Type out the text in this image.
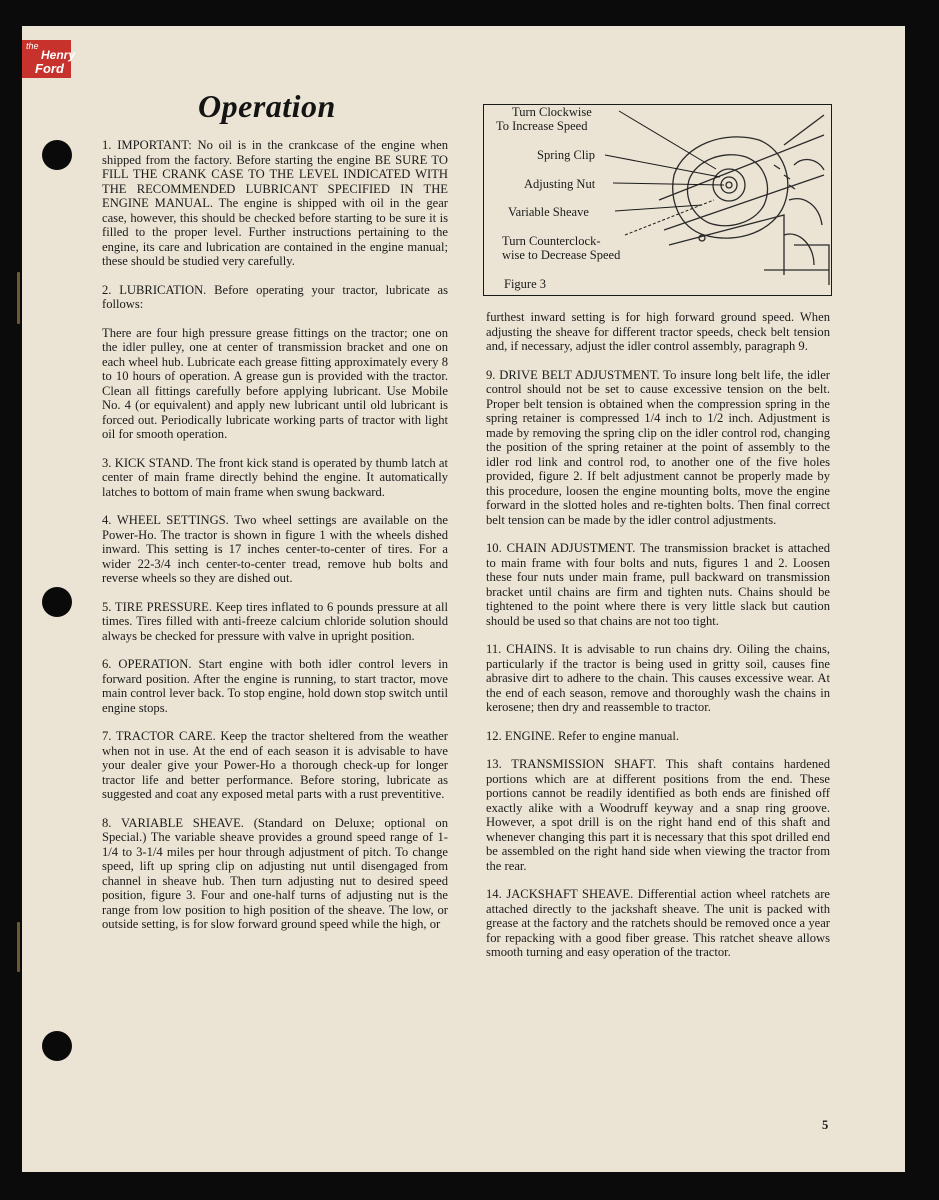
the
Henry
Ford
Operation	Turn Clockwise
To Increase Speed
Spring Clip
Adjusting Nut
Variable Sheave
Turn Counterclock-
wise to Decrease Speed
Figure 3

1. IMPORTANT: No oil is in the crankcase of the engine when shipped from the factory. Before starting the engine BE SURE TO FILL THE CRANK CASE TO THE LEVEL INDICATED WITH THE RECOMMENDED LUBRICANT SPECIFIED IN THE ENGINE MANUAL. The engine is shipped with oil in the gear case, however, this should be checked before starting to be sure it is filled to the proper level. Further instructions pertaining to the engine, its care and lubrication are contained in the engine manual; these should be studied very carefully.

2. LUBRICATION. Before operating your tractor, lubricate as follows:

There are four high pressure grease fittings on the tractor; one on the idler pulley, one at center of transmission bracket and one on each wheel hub. Lubricate each grease fitting approximately every 8 to 10 hours of operation. A grease gun is provided with the tractor. Clean all fittings carefully before applying lubricant. Use Mobile No. 4 (or equivalent) and apply new lubricant until old lubricant is forced out. Periodically lubricate working parts of tractor with light oil for smooth operation.

3. KICK STAND. The front kick stand is operated by thumb latch at center of main frame directly behind the engine. It automatically latches to bottom of main frame when swung backward.

4. WHEEL SETTINGS. Two wheel settings are available on the Power-Ho. The tractor is shown in figure 1 with the wheels dished inward. This setting is 17 inches center-to-center of tires. For a wider 22-3/4 inch center-to-center tread, remove hub bolts and reverse wheels so they are dished out.

5. TIRE PRESSURE. Keep tires inflated to 6 pounds pressure at all times. Tires filled with anti-freeze calcium chloride solution should always be checked for pressure with valve in upright position.

6. OPERATION. Start engine with both idler control levers in forward position. After the engine is running, to start tractor, move main control lever back. To stop engine, hold down stop switch until engine stops.

7. TRACTOR CARE. Keep the tractor sheltered from the weather when not in use. At the end of each season it is advisable to have your dealer give your Power-Ho a thorough check-up for longer tractor life and better performance. Before storing, lubricate as suggested and coat any exposed metal parts with a rust preventitive.

8. VARIABLE SHEAVE. (Standard on Deluxe; optional on Special.) The variable sheave provides a ground speed range of 1-1/4 to 3-1/4 miles per hour through adjustment of pitch. To change speed, lift up spring clip on adjusting nut until disengaged from channel in sheave hub. Then turn adjusting nut to desired speed position, figure 3. Four and one-half turns of adjusting nut is the range from low position to high position of the sheave. The low, or outside setting, is for slow forward ground speed while the high, or

furthest inward setting is for high forward ground speed. When adjusting the sheave for different tractor speeds, check belt tension and, if necessary, adjust the idler control assembly, paragraph 9.

9. DRIVE BELT ADJUSTMENT. To insure long belt life, the idler control should not be set to cause excessive tension on the belt. Proper belt tension is obtained when the compression spring in the spring retainer is compressed 1/4 inch to 1/2 inch. Adjustment is made by removing the spring clip on the idler control rod, changing the position of the spring retainer at the point of assembly to the idler rod link and control rod, to another one of the five holes provided, figure 2. If belt adjustment cannot be properly made by this procedure, loosen the engine mounting bolts, move the engine forward in the slotted holes and re-tighten bolts. Then final correct belt tension can be made by the idler control adjustments.

10. CHAIN ADJUSTMENT. The transmission bracket is attached to main frame with four bolts and nuts, figures 1 and 2. Loosen these four nuts under main frame, pull backward on transmission bracket until chains are firm and tighten nuts. Chains should be tightened to the point where there is very little slack but caution should be used so that chains are not too tight.

11. CHAINS. It is advisable to run chains dry. Oiling the chains, particularly if the tractor is being used in gritty soil, causes fine abrasive dirt to adhere to the chain. This causes excessive wear. At the end of each season, remove and thoroughly wash the chains in kerosene; then dry and reassemble to tractor.

12. ENGINE. Refer to engine manual.

13. TRANSMISSION SHAFT. This shaft contains hardened portions which are at different positions from the end. These portions cannot be readily identified as both ends are finished off exactly alike with a Woodruff keyway and a snap ring groove. However, a spot drill is on the right hand end of this shaft and whenever changing this part it is necessary that this spot drilled end be assembled on the right hand side when viewing the tractor from the rear.

14. JACKSHAFT SHEAVE. Differential action wheel ratchets are attached directly to the jackshaft sheave. The unit is packed with grease at the factory and the ratchets should be removed once a year for repacking with a good fiber grease. This ratchet sheave allows smooth turning and easy operation of the tractor.

5
